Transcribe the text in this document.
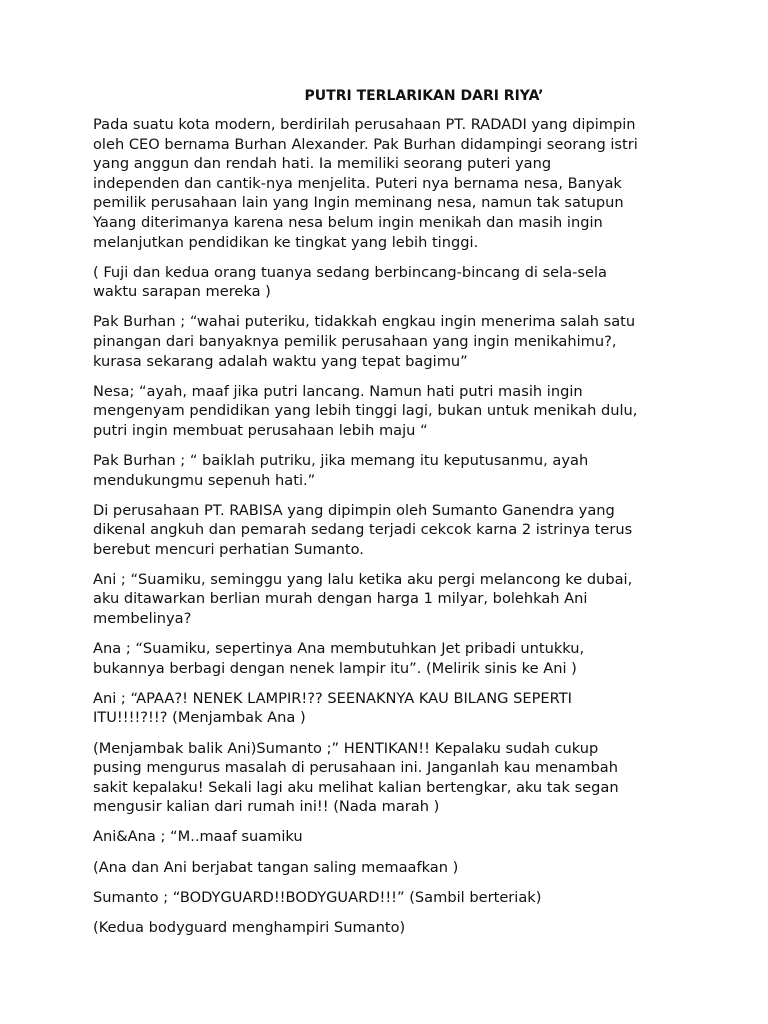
PUTRI TERLARIKAN DARI RIYA’

Pada suatu kota modern, berdirilah perusahaan PT. RADADI yang dipimpin
oleh CEO bernama Burhan Alexander. Pak Burhan didampingi seorang istri
yang anggun dan rendah hati. Ia memiliki seorang puteri yang
independen dan cantik-nya menjelita. Puteri nya bernama nesa, Banyak
pemilik perusahaan lain yang Ingin meminang nesa, namun tak satupun
Yaang diterimanya karena nesa belum ingin menikah dan masih ingin
melanjutkan pendidikan ke tingkat yang lebih tinggi.

( Fuji dan kedua orang tuanya sedang berbincang-bincang di sela-sela
waktu sarapan mereka )

Pak Burhan ; “wahai puteriku, tidakkah engkau ingin menerima salah satu
pinangan dari banyaknya pemilik perusahaan yang ingin menikahimu?,
kurasa sekarang adalah waktu yang tepat bagimu”

Nesa; “ayah, maaf jika putri lancang. Namun hati putri masih ingin
mengenyam pendidikan yang lebih tinggi lagi, bukan untuk menikah dulu,
putri ingin membuat perusahaan lebih maju “

Pak Burhan ; “ baiklah putriku, jika memang itu keputusanmu, ayah
mendukungmu sepenuh hati.”

Di perusahaan PT. RABISA yang dipimpin oleh Sumanto Ganendra yang
dikenal angkuh dan pemarah sedang terjadi cekcok karna 2 istrinya terus
berebut mencuri perhatian Sumanto.

Ani ; “Suamiku, seminggu yang lalu ketika aku pergi melancong ke dubai,
aku ditawarkan berlian murah dengan harga 1 milyar, bolehkah Ani
membelinya?

Ana ; “Suamiku, sepertinya Ana membutuhkan Jet pribadi untukku,
bukannya berbagi dengan nenek lampir itu”. (Melirik sinis ke Ani )

Ani ; “APAA?! NENEK LAMPIR!?? SEENAKNYA KAU BILANG SEPERTI
ITU!!!!?!!? (Menjambak Ana )

(Menjambak balik Ani)Sumanto ;” HENTIKAN!! Kepalaku sudah cukup
pusing mengurus masalah di perusahaan ini. Janganlah kau menambah
sakit kepalaku! Sekali lagi aku melihat kalian bertengkar, aku tak segan
mengusir kalian dari rumah ini!! (Nada marah )

Ani&Ana ; “M..maaf suamiku

(Ana dan Ani berjabat tangan saling memaafkan )

Sumanto ; “BODYGUARD!!BODYGUARD!!!” (Sambil berteriak)

(Kedua bodyguard menghampiri Sumanto)
